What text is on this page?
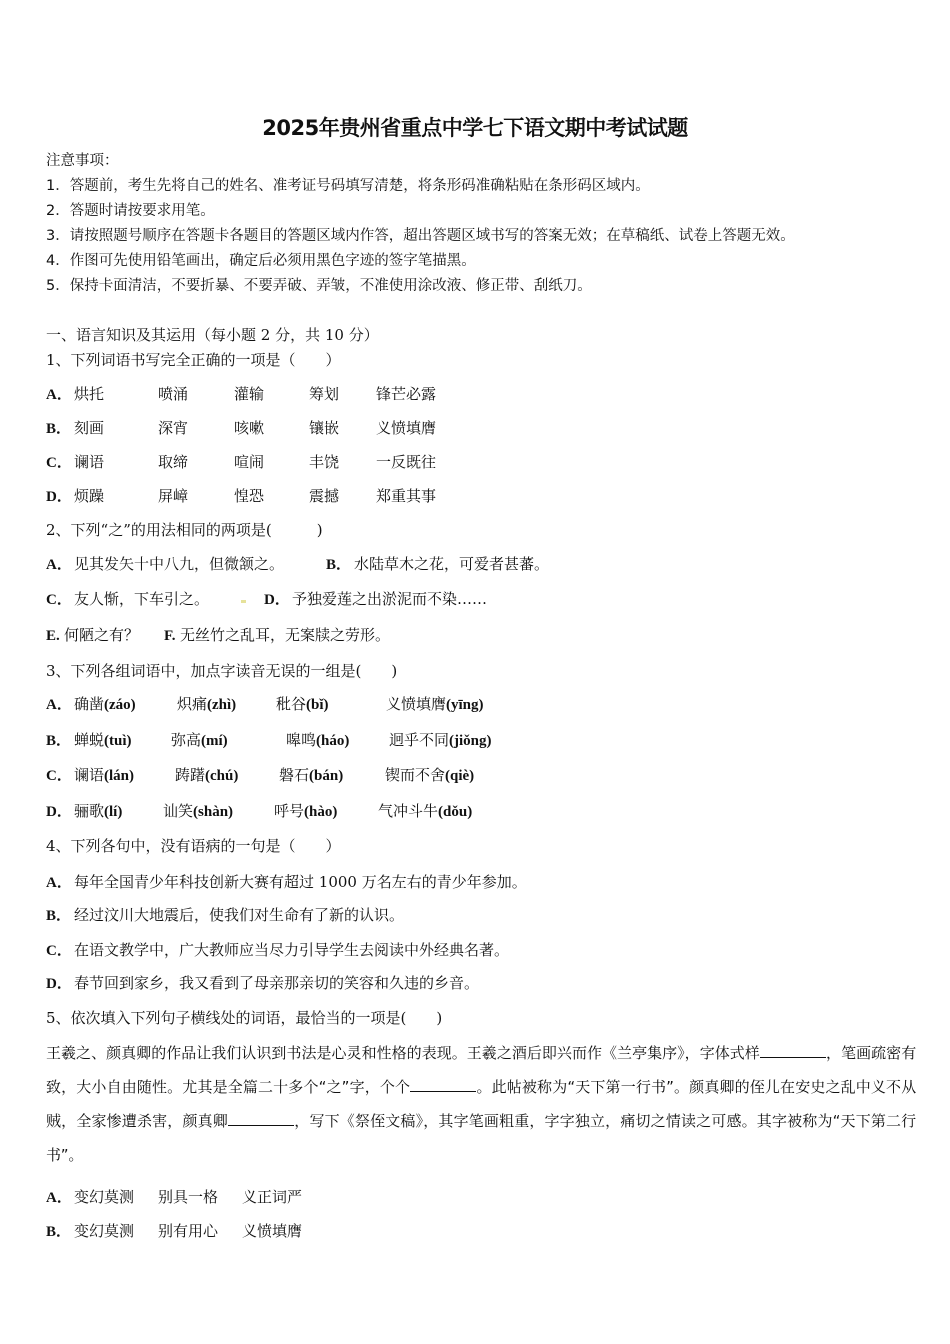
2025年贵州省重点中学七下语文期中考试试题
注意事项：
1．答题前，考生先将自己的姓名、准考证号码填写清楚，将条形码准确粘贴在条形码区域内。
2．答题时请按要求用笔。
3．请按照题号顺序在答题卡各题目的答题区域内作答，超出答题区域书写的答案无效；在草稿纸、试卷上答题无效。
4．作图可先使用铅笔画出，确定后必须用黑色字迹的签字笔描黑。
5．保持卡面清洁，不要折暴、不要弄破、弄皱，不准使用涂改液、修正带、刮纸刀。
一、语言知识及其运用（每小题 2 分，共 10 分）
1、下列词语书写完全正确的一项是（　　）
A． 烘托	喷涌	灌输	筹划 锋芒必露
B． 刻画	深宵	咳嗽	镶嵌 义愤填膺
C． 谰语	取缔	喧闹	丰饶 一反既往
D． 烦躁	屏嶂	惶恐	震撼 郑重其事
2、下列“之”的用法相同的两项是(　　　)
A． 见其发矢十中八九，但微颔之。	B． 水陆草木之花，可爱者甚蕃。
C． 友人惭，下车引之。	D． 予独爱莲之出淤泥而不染……
E. 何陋之有？ F. 无丝竹之乱耳，无案牍之劳形。
3、下列各组词语中，加点字读音无误的一组是(　　)
A． 确凿(záo)	炽痛(zhì)	秕谷(bǐ)	义愤填膺(yīng)
B． 蝉蜕(tuì)	弥高(mí)	嗥鸣(háo)	迥乎不同(jiǒng)
C． 谰语(lán)	踌躇(chú)	磐石(bán)	锲而不舍(qiè)
D． 骊歌(lí)	讪笑(shàn)	呼号(hào)	气冲斗牛(dǒu)
4、下列各句中，没有语病的一句是（　　）
A． 每年全国青少年科技创新大赛有超过 1000 万名左右的青少年参加。
B． 经过汶川大地震后，使我们对生命有了新的认识。
C． 在语文教学中，广大教师应当尽力引导学生去阅读中外经典名著。
D． 春节回到家乡，我又看到了母亲那亲切的笑容和久违的乡音。
5、依次填入下列句子横线处的词语，最恰当的一项是(　　)
王羲之、颜真卿的作品让我们认识到书法是心灵和性格的表现。王羲之酒后即兴而作《兰亭集序》，字体式样	，笔画疏密有致，大小自由随性。尤其是全篇二十多个“之”字，个个	。此帖被称为“天下第一行书”。颜真卿的侄儿在安史之乱中义不从贼，全家惨遭杀害，颜真卿	，写下《祭侄文稿》，其字笔画粗重，字字独立，痛切之情读之可感。其字被称为“天下第二行书”。
A． 变幻莫测 别具一格 义正词严
B． 变幻莫测 别有用心 义愤填膺
